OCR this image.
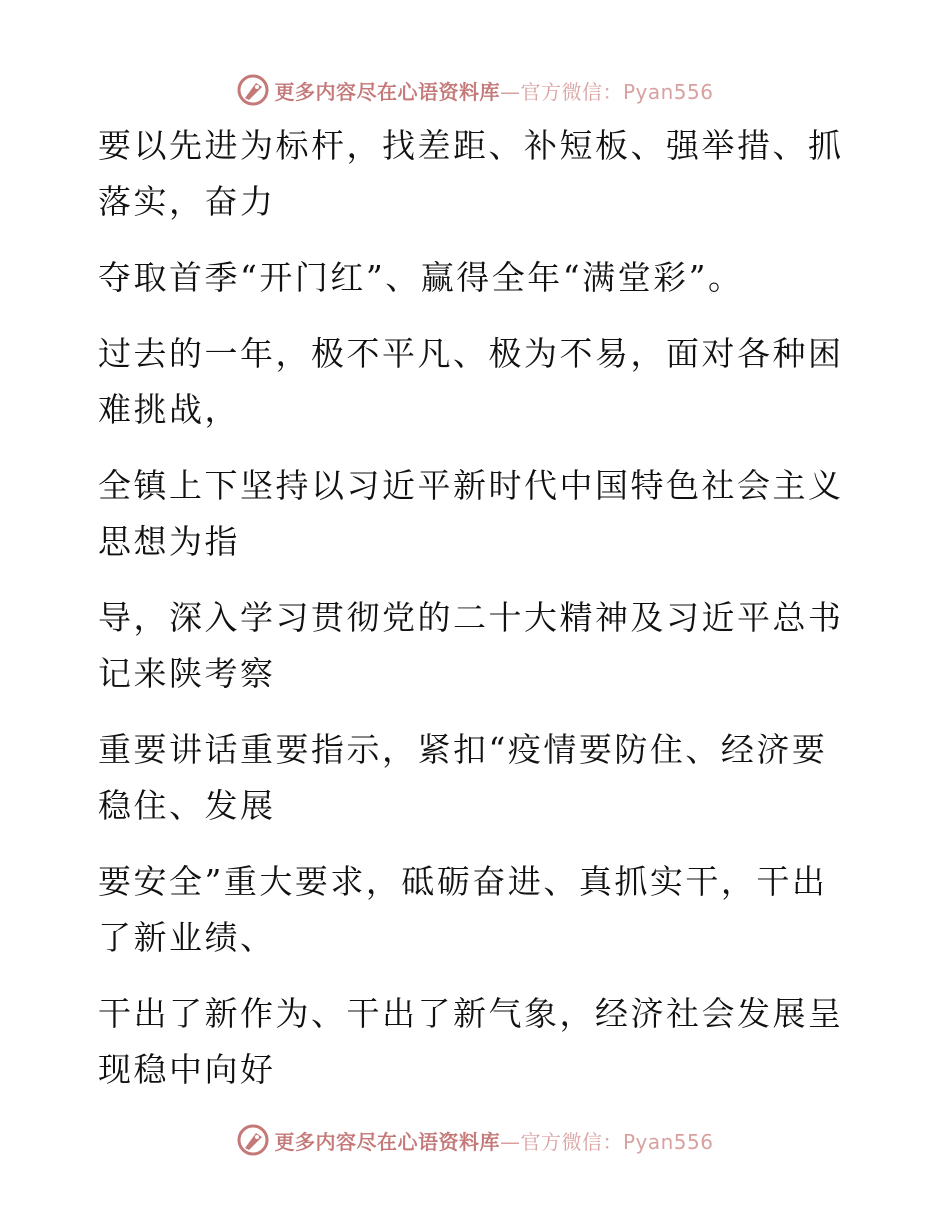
更多内容尽在心语资料库—官方微信：Pyan556

要以先进为标杆，找差距、补短板、强举措、抓
落实，奋力

夺取首季“开门红”、赢得全年“满堂彩”。

过去的一年，极不平凡、极为不易，面对各种困
难挑战，

全镇上下坚持以习近平新时代中国特色社会主义
思想为指

导，深入学习贯彻党的二十大精神及习近平总书
记来陕考察

重要讲话重要指示，紧扣“疫情要防住、经济要
稳住、发展

要安全”重大要求，砥砺奋进、真抓实干，干出
了新业绩、

干出了新作为、干出了新气象，经济社会发展呈
现稳中向好

更多内容尽在心语资料库—官方微信：Pyan556
